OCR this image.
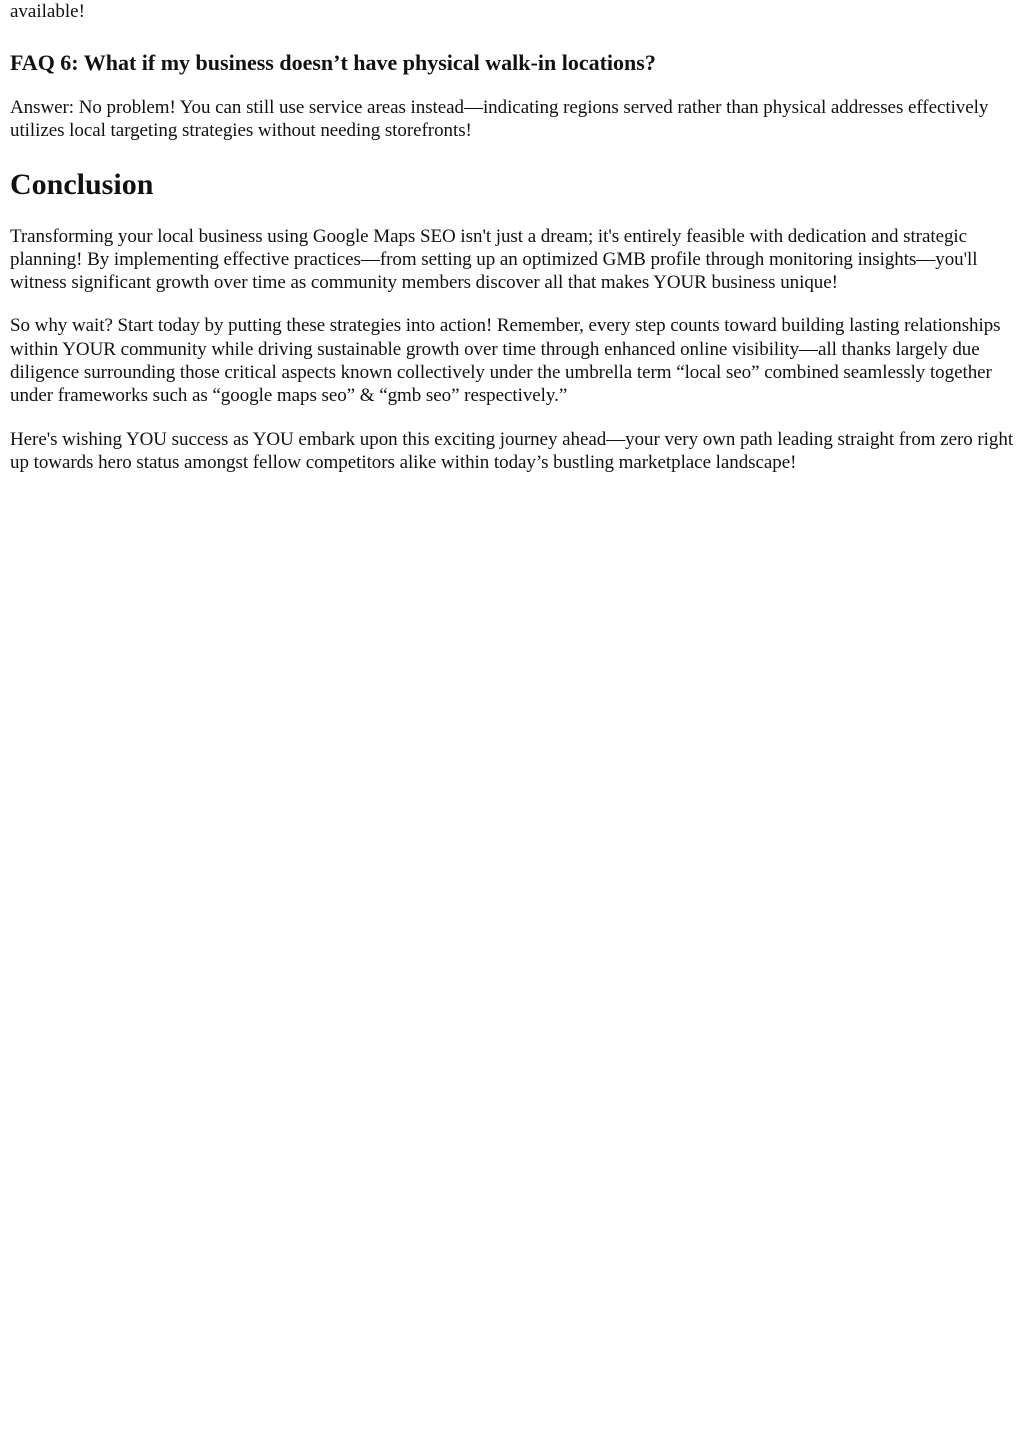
available!

FAQ 6: What if my business doesn’t have physical walk-in locations?

Answer: No problem! You can still use service areas instead—indicating regions served rather than physical addresses effectively utilizes local targeting strategies without needing storefronts!

Conclusion

Transforming your local business using Google Maps SEO isn't just a dream; it's entirely feasible with dedication and strategic planning! By implementing effective practices—from setting up an optimized GMB profile through monitoring insights—you'll witness significant growth over time as community members discover all that makes YOUR business unique!

So why wait? Start today by putting these strategies into action! Remember, every step counts toward building lasting relationships within YOUR community while driving sustainable growth over time through enhanced online visibility—all thanks largely due diligence surrounding those critical aspects known collectively under the umbrella term “local seo” combined seamlessly together under frameworks such as “google maps seo” & “gmb seo” respectively.”

Here's wishing YOU success as YOU embark upon this exciting journey ahead—your very own path leading straight from zero right up towards hero status amongst fellow competitors alike within today’s bustling marketplace landscape!
